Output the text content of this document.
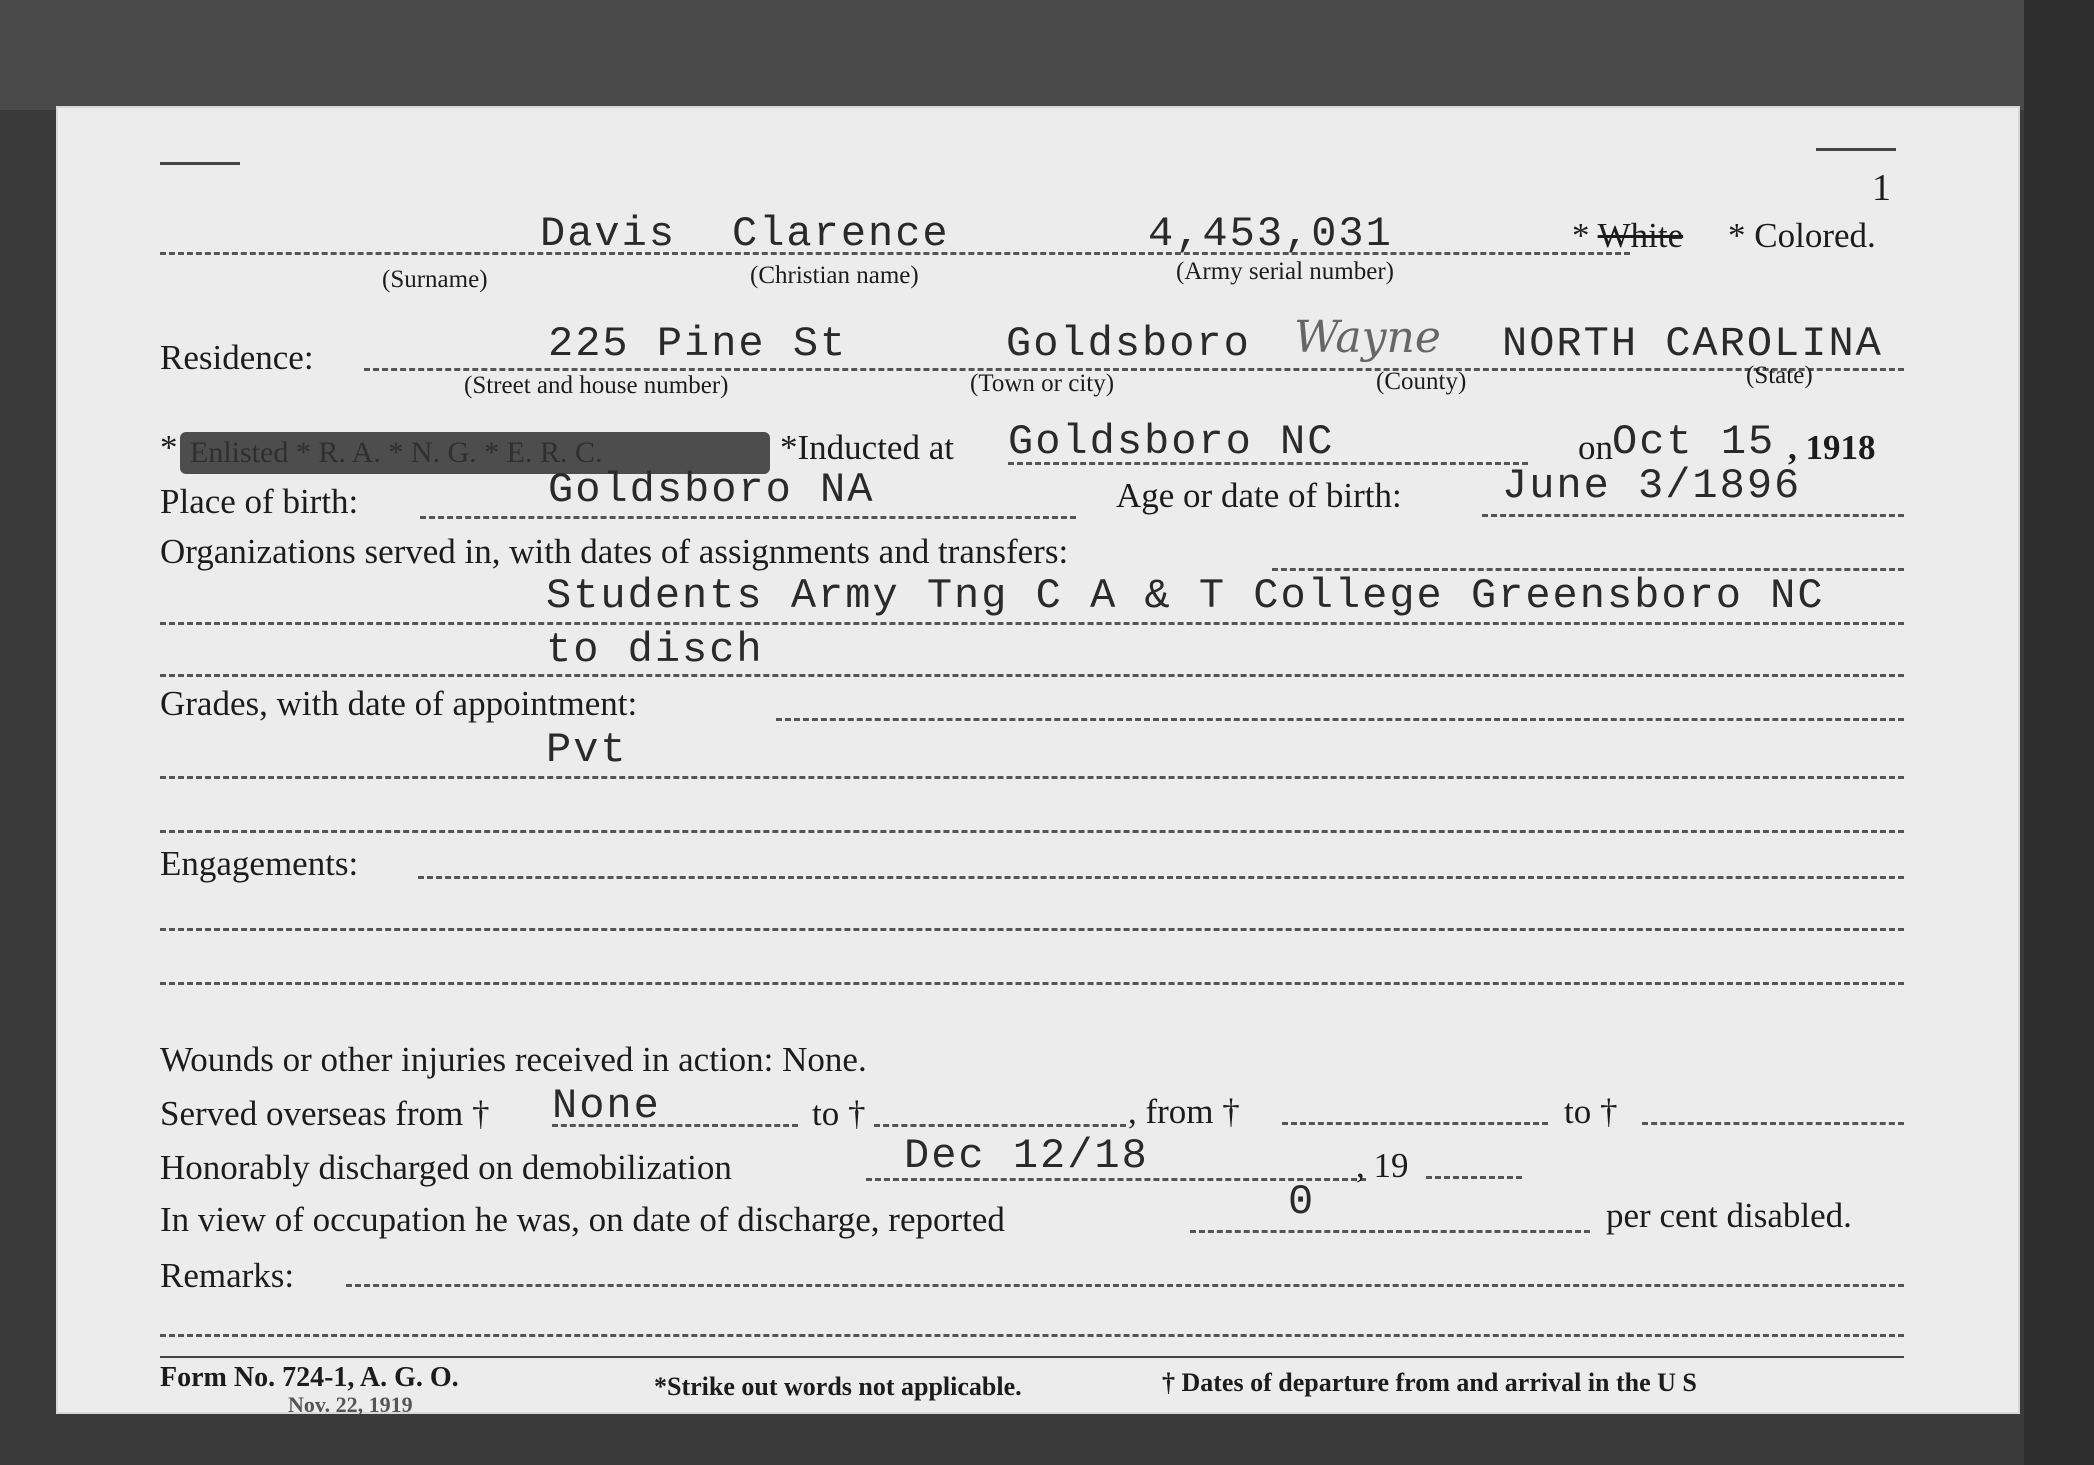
1
Davis Clarence	4,453,031	* White * Colored.
(Surname)	(Christian name)	(Army serial number)
Residence:	225 Pine St	Goldsboro Wayne NORTH CAROLINA
(Street and house number)	(Town or city)	(County)	(State)
* Enlisted * R. A. * N. G. * E. R. C.	*Inducted at Goldsboro NC	on Oct 15 , 1918
Place of birth:	Goldsboro NA	Age or date of birth: June 3/1896
Organizations served in, with dates of assignments and transfers:
Students Army Tng C A & T College Greensboro NC
to disch
Grades, with date of appointment:
Pvt
Engagements:
Wounds or other injuries received in action: None.
Served overseas from † None	to †	, from †	to †
Honorably discharged on demobilization	Dec 12/18	, 19
In view of occupation he was, on date of discharge, reported	0	per cent disabled.
Remarks:
Form No. 724-1, A. G. O.
Nov. 22, 1919
*Strike out words not applicable.	† Dates of departure from and arrival in the U S
